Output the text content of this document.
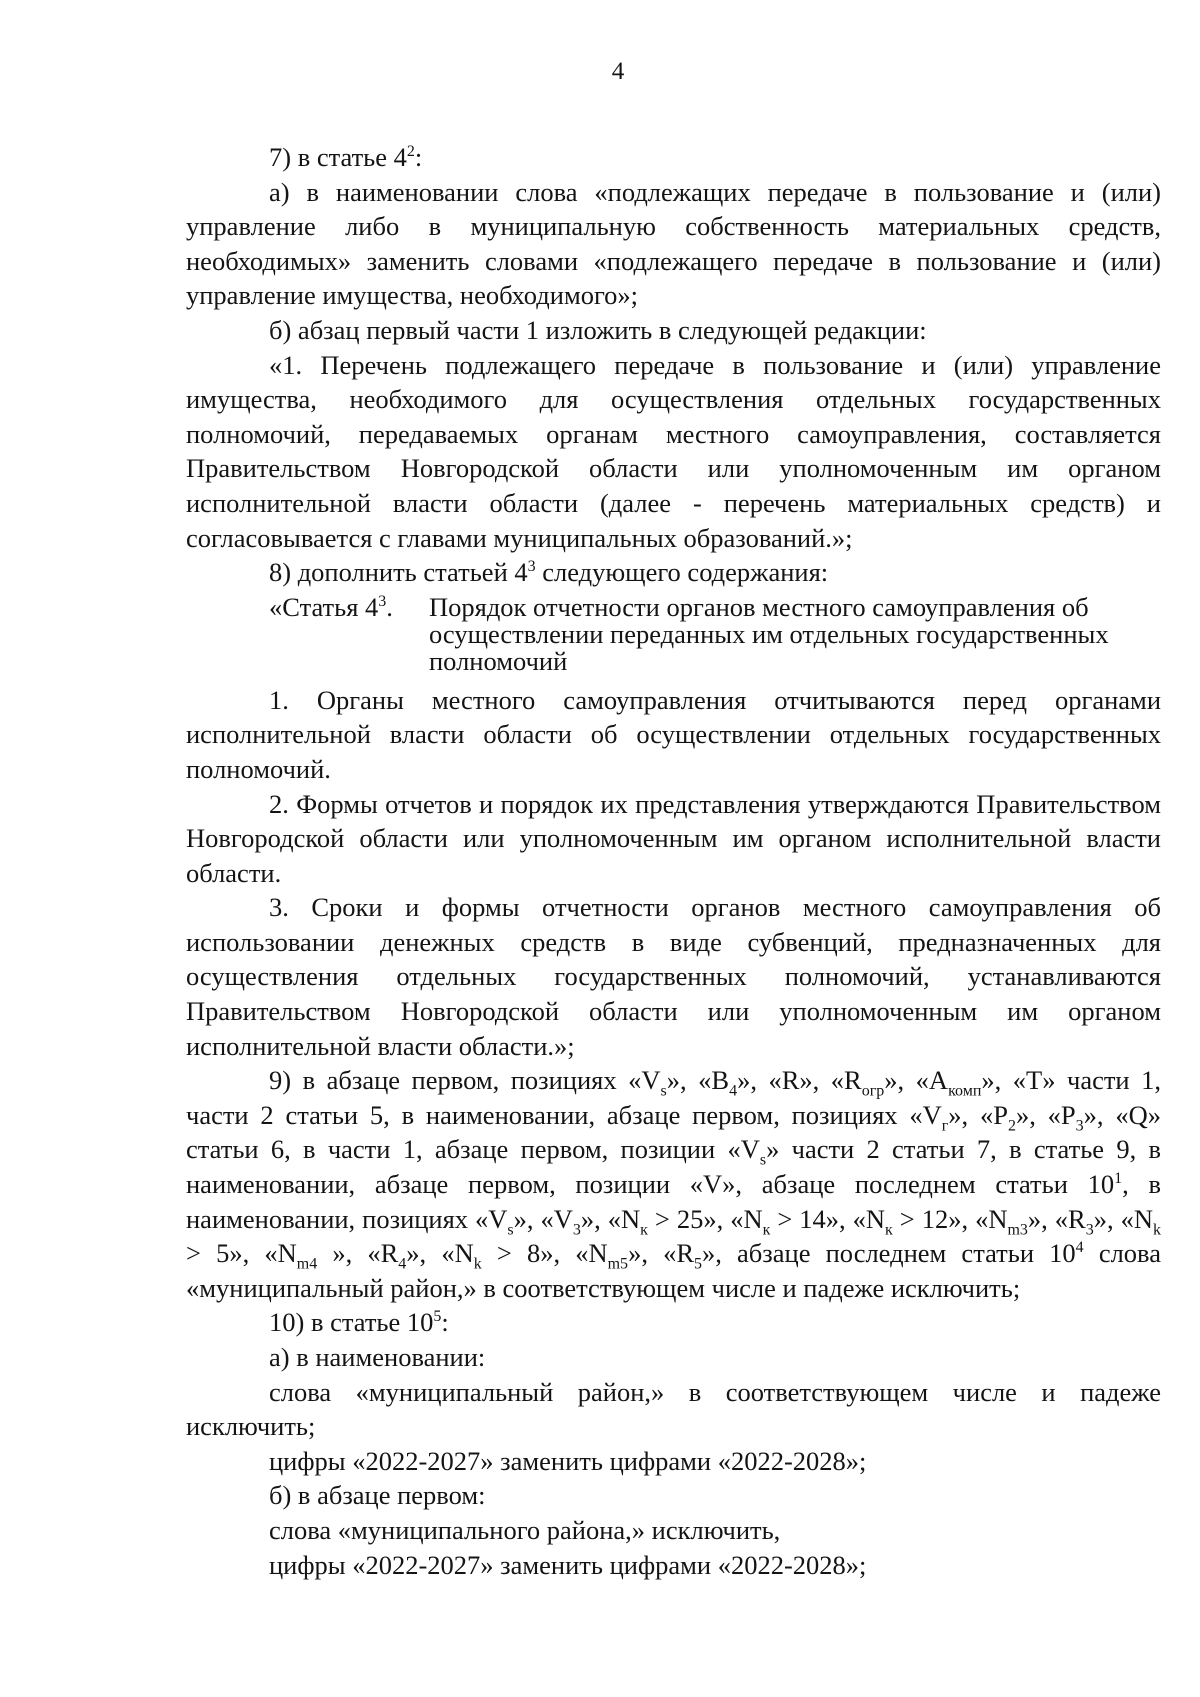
4

7) в статье $4^2$:

а) в наименовании слова «подлежащих передаче в пользование и (или) управление либо в муниципальную собственность материальных средств, необходимых» заменить словами «подлежащего передаче в пользование и (или) управление имущества, необходимого»;

б) абзац первый части 1 изложить в следующей редакции:

«1. Перечень подлежащего передаче в пользование и (или) управление имущества, необходимого для осуществления отдельных государственных полномочий, передаваемых органам местного самоуправления, составляется Правительством Новгородской области или уполномоченным им органом исполнительной власти области (далее - перечень материальных средств) и согласовывается с главами муниципальных образований.»;

8) дополнить статьей $4^3$ следующего содержания:

«Статья $4^3$.	Порядок отчетности органов местного самоуправления об осуществлении переданных им отдельных государственных полномочий

1. Органы местного самоуправления отчитываются перед органами исполнительной власти области об осуществлении отдельных государственных полномочий.

2. Формы отчетов и порядок их представления утверждаются Правительством Новгородской области или уполномоченным им органом исполнительной власти области.

3. Сроки и формы отчетности органов местного самоуправления об использовании денежных средств в виде субвенций, предназначенных для осуществления отдельных государственных полномочий, устанавливаются Правительством Новгородской области или уполномоченным им органом исполнительной власти области.»;

9) в абзаце первом, позициях «$V_s$», «$B_4$», «R», «$R_{огр}$», «$A_{комп}$», «T» части 1, части 2 статьи 5, в наименовании, абзаце первом, позициях «$V_г$», «$P_2$», «$P_3$», «Q» статьи 6, в части 1, абзаце первом, позиции «$V_s$» части 2 статьи 7, в статье 9, в наименовании, абзаце первом, позиции «V», абзаце последнем статьи $10^1$, в наименовании, позициях «$V_s$», «$V_3$», «$N_к > 25$», «$N_к > 14$», «$N_к > 12$», «$N_{m3}$», «$R_3$», «$N_k > 5$», «$N_{m4}$ », «$R_4$», «$N_k > 8$», «$N_{m5}$», «$R_5$», абзаце последнем статьи $10^4$ слова «муниципальный район,» в соответствующем числе и падеже исключить;

10) в статье $10^5$:

а) в наименовании:

слова «муниципальный район,» в соответствующем числе и падеже исключить;

цифры «2022-2027» заменить цифрами «2022-2028»;

б) в абзаце первом:

слова «муниципального района,» исключить,

цифры «2022-2027» заменить цифрами «2022-2028»;
